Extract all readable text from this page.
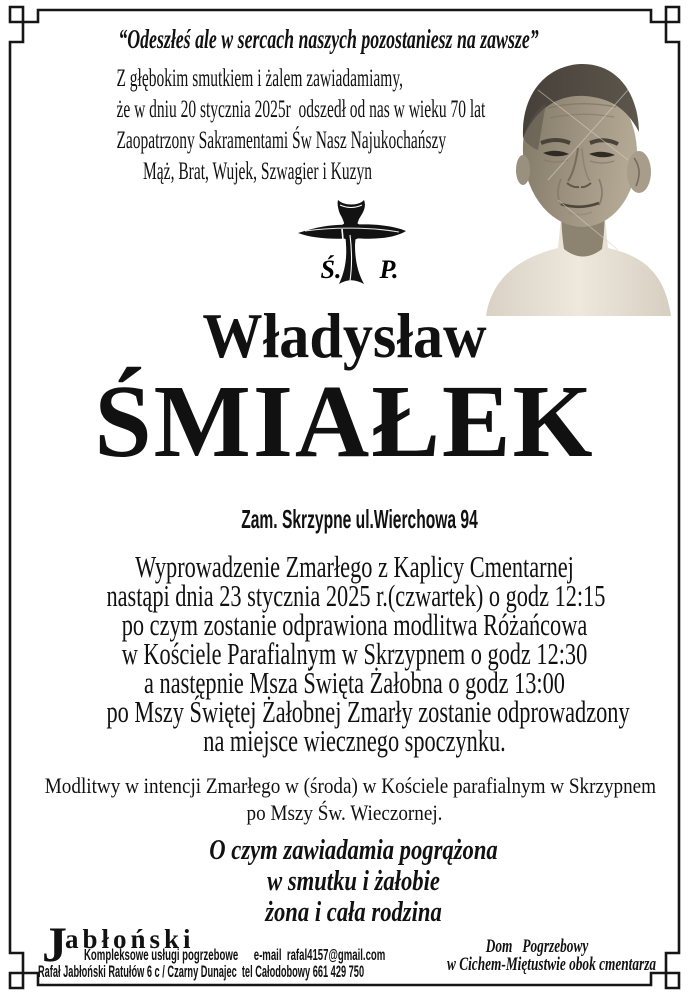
“Odeszłeś ale w sercach naszych pozostaniesz na zawsze”
Z głębokim smutkiem i żalem zawiadamiamy,
że w dniu 20 stycznia 2025r  odszedł od nas w wieku 70 lat
Zaopatrzony Sakramentami Św Nasz Najukochańszy
Mąż, Brat, Wujek, Szwagier i Kuzyn
Ś. P.
Władysław
ŚMIAŁEK
Zam. Skrzypne ul.Wierchowa 94
Wyprowadzenie Zmarłego z Kaplicy Cmentarnej
nastąpi dnia 23 stycznia 2025 r.(czwartek) o godz 12:15
po czym zostanie odprawiona modlitwa Różańcowa
w Kościele Parafialnym w Skrzypnem o godz 12:30
a następnie Msza Święta Żałobna o godz 13:00
po Mszy Świętej Żałobnej Zmarły zostanie odprowadzony
na miejsce wiecznego spoczynku.
Modlitwy w intencji Zmarłego w (środa) w Kościele parafialnym w Skrzypnem
po Mszy Św. Wieczornej.
O czym zawiadamia pogrążona
w smutku i żałobie
żona i cała rodzina
J
abłoński
Kompleksowe usługi pogrzebowe e-mail  rafal4157@gmail.com
Rafał Jabłoński Ratułów 6 c / Czarny Dunajec  tel Całodobowy 661 429 750
Dom   Pogrzebowy
w Cichem-Miętustwie obok cmentarza
